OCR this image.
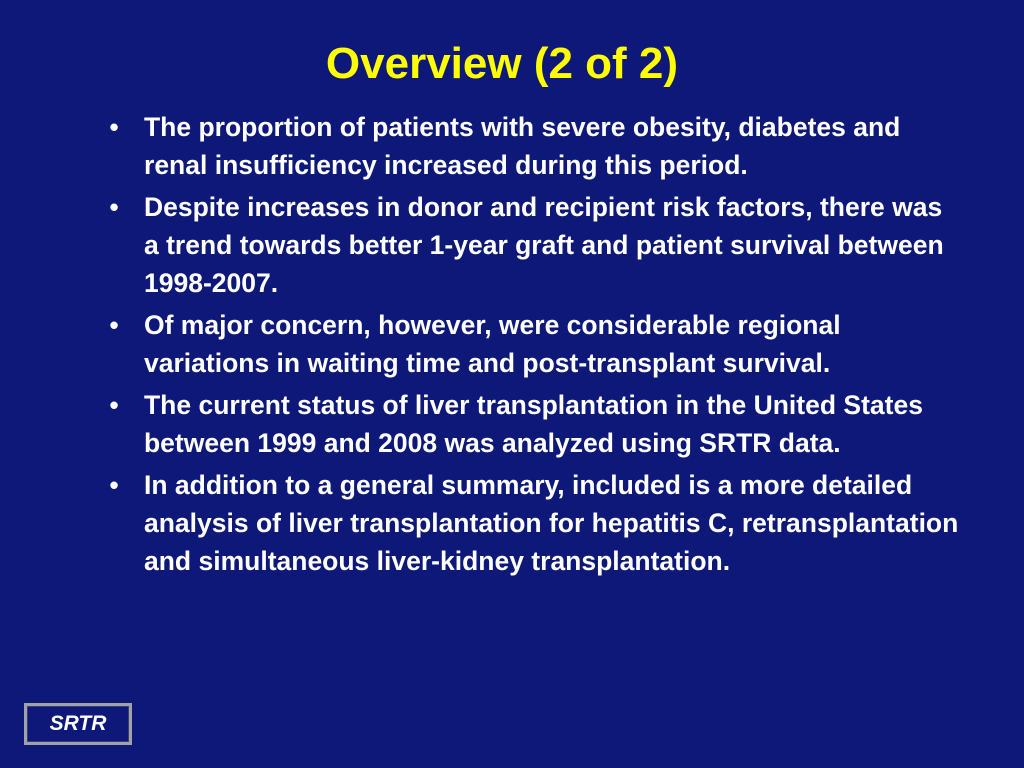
Overview (2 of 2)
• The proportion of patients with severe obesity, diabetes and renal insufficiency increased during this period.
• Despite increases in donor and recipient risk factors, there was a trend towards better 1-year graft and patient survival between 1998-2007.
• Of major concern, however, were considerable regional variations in waiting time and post-transplant survival.
• The current status of liver transplantation in the United States between 1999 and 2008 was analyzed using SRTR data.
• In addition to a general summary, included is a more detailed analysis of liver transplantation for hepatitis C, retransplantation and simultaneous liver-kidney transplantation.
SRTR
